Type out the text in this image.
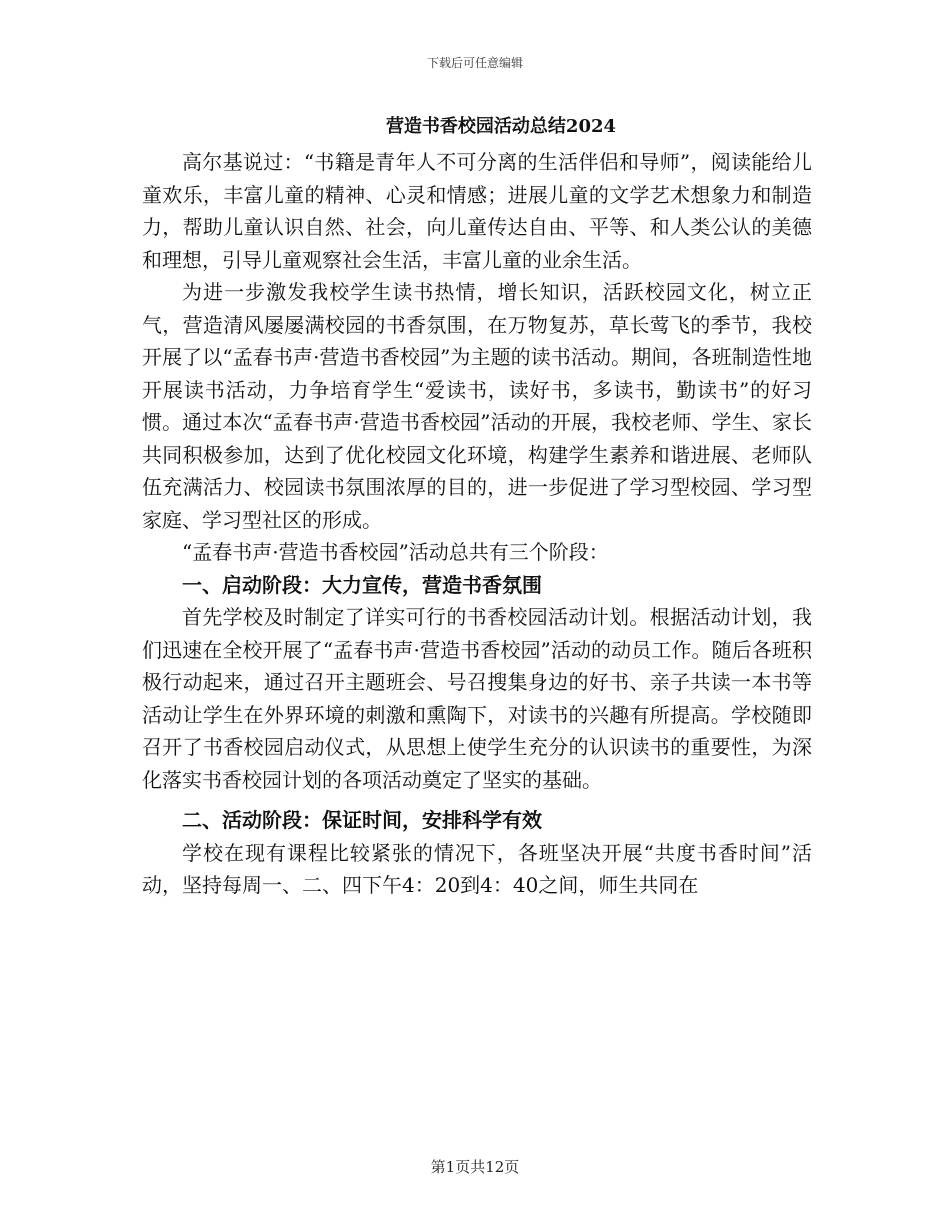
下载后可任意编辑
营造书香校园活动总结2024

高尔基说过：“书籍是青年人不可分离的生活伴侣和导师”，阅读能给儿童欢乐，丰富儿童的精神、心灵和情感；进展儿童的文学艺术想象力和制造力，帮助儿童认识自然、社会，向儿童传达自由、平等、和人类公认的美德和理想，引导儿童观察社会生活，丰富儿童的业余生活。

为进一步激发我校学生读书热情，增长知识，活跃校园文化，树立正气，营造清风屡屡满校园的书香氛围，在万物复苏，草长莺飞的季节，我校开展了以“孟春书声·营造书香校园”为主题的读书活动。期间，各班制造性地开展读书活动，力争培育学生“爱读书，读好书，多读书，勤读书”的好习惯。通过本次“孟春书声·营造书香校园”活动的开展，我校老师、学生、家长共同积极参加，达到了优化校园文化环境，构建学生素养和谐进展、老师队伍充满活力、校园读书氛围浓厚的目的，进一步促进了学习型校园、学习型家庭、学习型社区的形成。

“孟春书声·营造书香校园”活动总共有三个阶段：

一、启动阶段：大力宣传，营造书香氛围

首先学校及时制定了详实可行的书香校园活动计划。根据活动计划，我们迅速在全校开展了“孟春书声·营造书香校园”活动的动员工作。随后各班积极行动起来，通过召开主题班会、号召搜集身边的好书、亲子共读一本书等活动让学生在外界环境的刺激和熏陶下，对读书的兴趣有所提高。学校随即召开了书香校园启动仪式，从思想上使学生充分的认识读书的重要性，为深化落实书香校园计划的各项活动奠定了坚实的基础。

二、活动阶段：保证时间，安排科学有效

学校在现有课程比较紧张的情况下，各班坚决开展“共度书香时间”活动，坚持每周一、二、四下午4：20到4：40之间，师生共同在

第1页共12页
